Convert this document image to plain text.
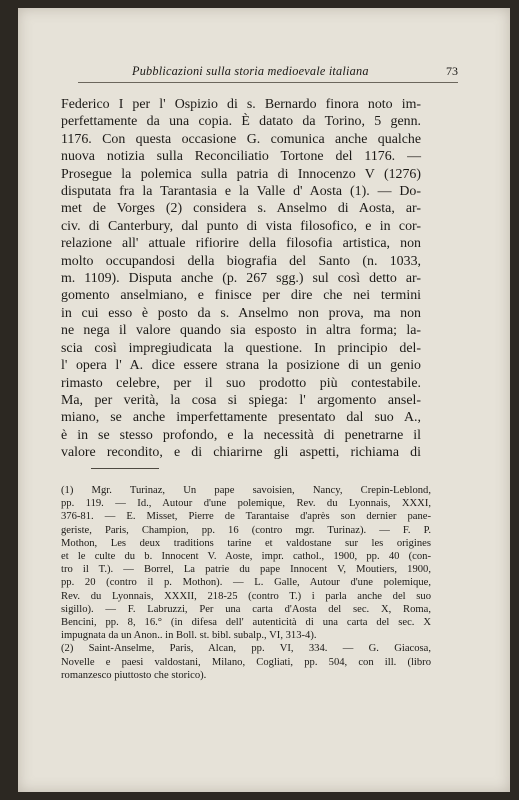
Pubblicazioni sulla storia medioevale italiana	73
Federico I per l' Ospizio di s. Bernardo finora noto im-
perfettamente da una copia. È datato da Torino, 5 genn.
1176. Con questa occasione G. comunica anche qualche
nuova notizia sulla Reconciliatio Tortone del 1176. —
Prosegue la polemica sulla patria di Innocenzo V (1276)
disputata fra la Tarantasia e la Valle d' Aosta (1). — Do-
met de Vorges (2) considera s. Anselmo di Aosta, ar-
civ. di Canterbury, dal punto di vista filosofico, e in cor-
relazione all' attuale rifiorire della filosofia artistica, non
molto occupandosi della biografia del Santo (n. 1033,
m. 1109). Disputa anche (p. 267 sgg.) sul così detto ar-
gomento anselmiano, e finisce per dire che nei termini
in cui esso è posto da s. Anselmo non prova, ma non
ne nega il valore quando sia esposto in altra forma; la-
scia così impregiudicata la questione. In principio del-
l' opera l' A. dice essere strana la posizione di un genio
rimasto celebre, per il suo prodotto più contestabile.
Ma, per verità, la cosa si spiega: l' argomento ansel-
miano, se anche imperfettamente presentato dal suo A.,
è in se stesso profondo, e la necessità di penetrarne il
valore recondito, e di chiarirne gli aspetti, richiama di
(1) Mgr. Turinaz, Un pape savoisien, Nancy, Crepin-Leblond,
pp. 119. — Id., Autour d'une polemique, Rev. du Lyonnais, XXXI,
376-81. — E. Misset, Pierre de Tarantaise d'après son dernier pane-
geriste, Paris, Champion, pp. 16 (contro mgr. Turinaz). — F. P.
Mothon, Les deux traditions tarine et valdostane sur les origines
et le culte du b. Innocent V. Aoste, impr. cathol., 1900, pp. 40 (con-
tro il T.). — Borrel, La patrie du pape Innocent V, Moutiers, 1900,
pp. 20 (contro il p. Mothon). — L. Galle, Autour d'une polemique,
Rev. du Lyonnais, XXXII, 218-25 (contro T.) i parla anche del suo
sigillo). — F. Labruzzi, Per una carta d'Aosta del sec. X, Roma,
Bencini, pp. 8, 16.° (in difesa dell' autenticità di una carta del sec. X
impugnata da un Anon.. in Boll. st. bibl. subalp., VI, 313-4).
(2) Saint-Anselme, Paris, Alcan, pp. VI, 334. — G. Giacosa,
Novelle e paesi valdostani, Milano, Cogliati, pp. 504, con ill. (libro
romanzesco piuttosto che storico).
